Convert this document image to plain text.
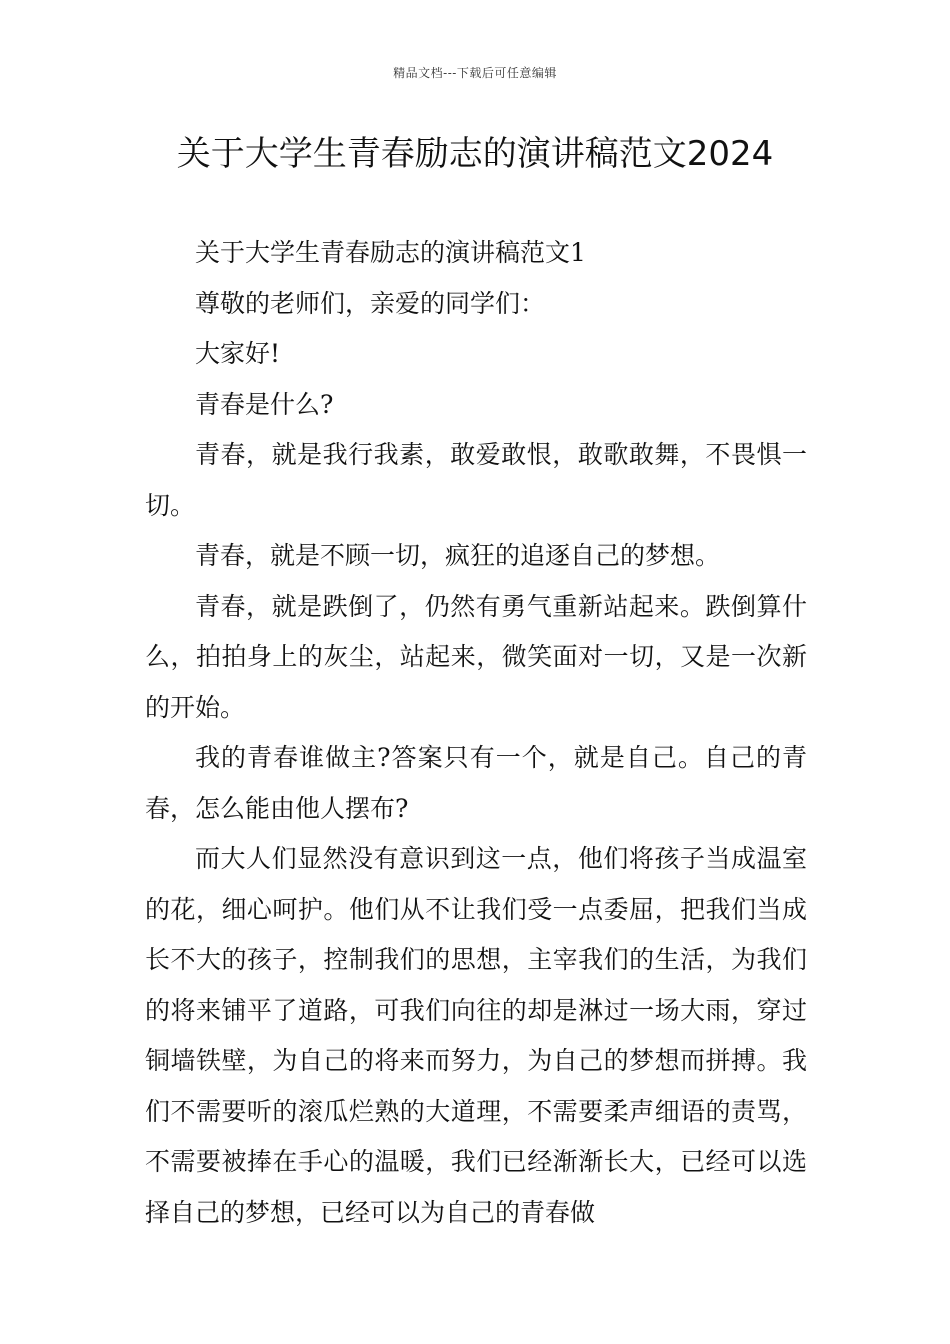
精品文档---下载后可任意编辑
关于大学生青春励志的演讲稿范文2024

关于大学生青春励志的演讲稿范文1

尊敬的老师们，亲爱的同学们：

大家好!

青春是什么?

青春，就是我行我素，敢爱敢恨，敢歌敢舞，不畏惧一切。

青春，就是不顾一切，疯狂的追逐自己的梦想。

青春，就是跌倒了，仍然有勇气重新站起来。跌倒算什么，拍拍身上的灰尘，站起来，微笑面对一切，又是一次新的开始。

我的青春谁做主?答案只有一个，就是自己。自己的青春，怎么能由他人摆布?

而大人们显然没有意识到这一点，他们将孩子当成温室的花，细心呵护。他们从不让我们受一点委屈，把我们当成长不大的孩子，控制我们的思想，主宰我们的生活，为我们的将来铺平了道路，可我们向往的却是淋过一场大雨，穿过铜墙铁壁，为自己的将来而努力，为自己的梦想而拼搏。我们不需要听的滚瓜烂熟的大道理，不需要柔声细语的责骂，不需要被捧在手心的温暖，我们已经渐渐长大，已经可以选择自己的梦想，已经可以为自己的青春做
